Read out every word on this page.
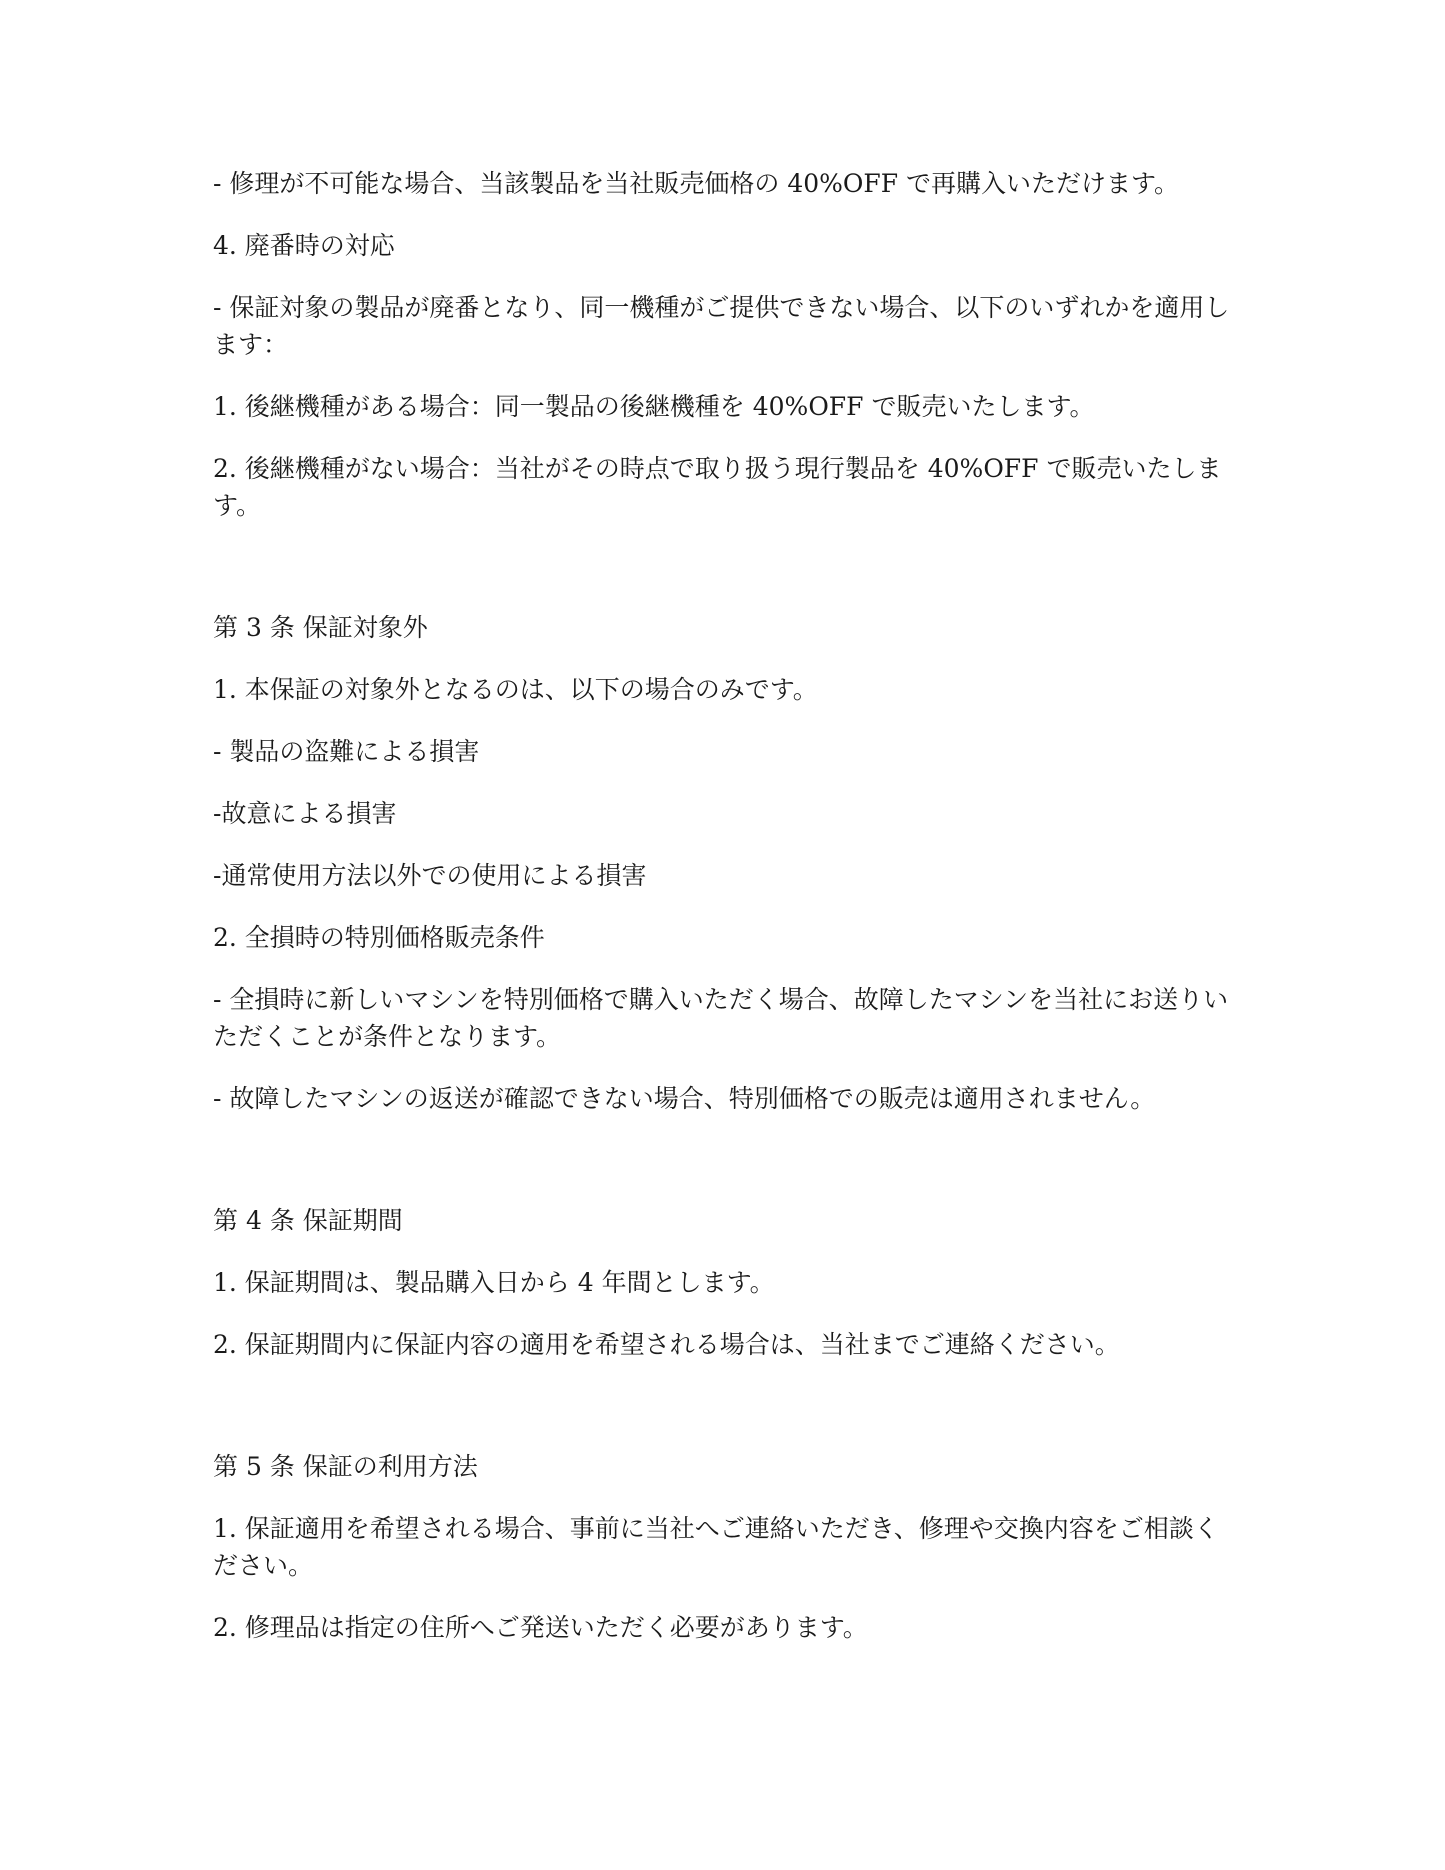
- 修理が不可能な場合、当該製品を当社販売価格の 40%OFF で再購入いただけます。

4. 廃番時の対応

- 保証対象の製品が廃番となり、同一機種がご提供できない場合、以下のいずれかを適用します：

1. 後継機種がある場合：同一製品の後継機種を 40%OFF で販売いたします。

2. 後継機種がない場合：当社がその時点で取り扱う現行製品を 40%OFF で販売いたします。

第 3 条 保証対象外

1. 本保証の対象外となるのは、以下の場合のみです。

- 製品の盗難による損害

-故意による損害

-通常使用方法以外での使用による損害

2. 全損時の特別価格販売条件

- 全損時に新しいマシンを特別価格で購入いただく場合、故障したマシンを当社にお送りいただくことが条件となります。

- 故障したマシンの返送が確認できない場合、特別価格での販売は適用されません。

第 4 条 保証期間

1. 保証期間は、製品購入日から 4 年間とします。

2. 保証期間内に保証内容の適用を希望される場合は、当社までご連絡ください。

第 5 条 保証の利用方法

1. 保証適用を希望される場合、事前に当社へご連絡いただき、修理や交換内容をご相談ください。

2. 修理品は指定の住所へご発送いただく必要があります。
